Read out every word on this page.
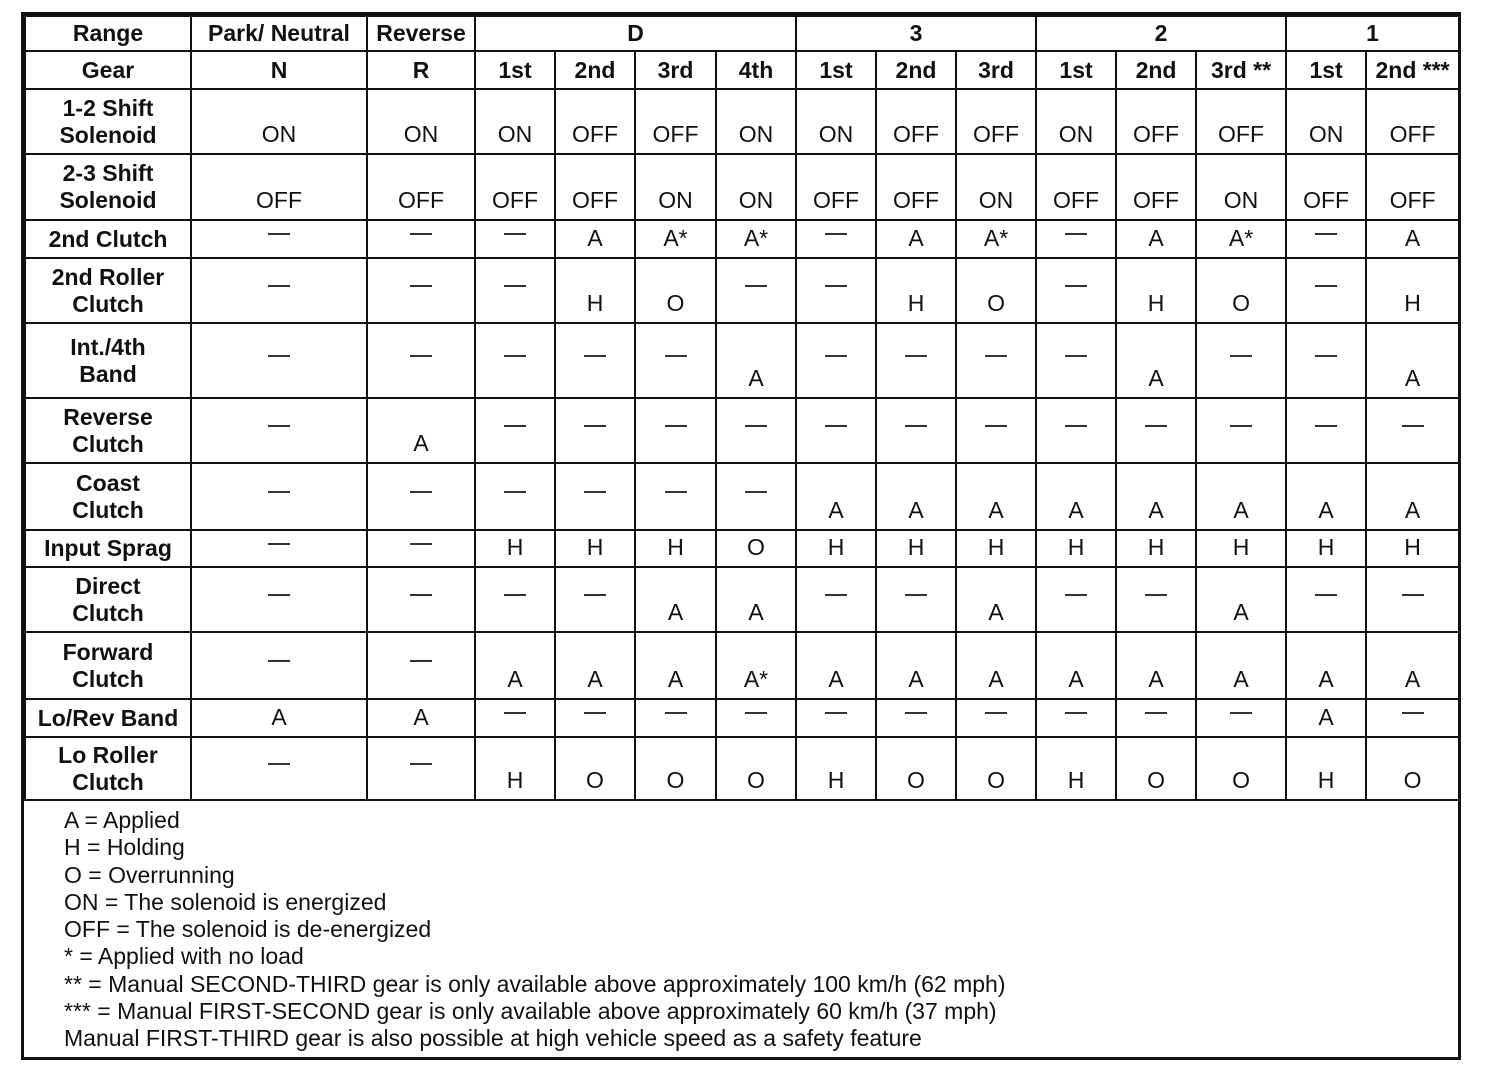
Range	Park/ Neutral	Reverse	D				3			2			1	
Gear	N	R	1st	2nd	3rd	4th	1st	2nd	3rd	1st	2nd	3rd **	1st	2nd ***

1-2 Shift
Solenoid	ON	ON	ON	OFF	OFF	ON	ON	OFF	OFF	ON	OFF	OFF	ON	OFF

2-3 Shift
Solenoid	OFF	OFF	OFF	OFF	ON	ON	OFF	OFF	ON	OFF	OFF	ON	OFF	OFF

2nd Clutch				A	A*	A*		A	A*		A	A*		A

2nd Roller
Clutch				H	O			H	O		H	O		H

Int./4th
Band						A					A			A

Reverse
Clutch		A												

Coast
Clutch							A	A	A	A	A	A	A	A

Input Sprag			H	H	H	O	H	H	H	H	H	H	H	H

Direct
Clutch					A	A			A			A		

Forward
Clutch			A	A	A	A*	A	A	A	A	A	A	A	A

Lo/Rev Band	A	A											A	

Lo Roller
Clutch			H	O	O	O	H	O	O	H	O	O	H	O
A = Applied
H = Holding
O = Overrunning
ON = The solenoid is energized
OFF = The solenoid is de-energized
* = Applied with no load
** = Manual SECOND-THIRD gear is only available above approximately 100 km/h (62 mph)
*** = Manual FIRST-SECOND gear is only available above approximately 60 km/h (37 mph)
Manual FIRST-THIRD gear is also possible at high vehicle speed as a safety feature
